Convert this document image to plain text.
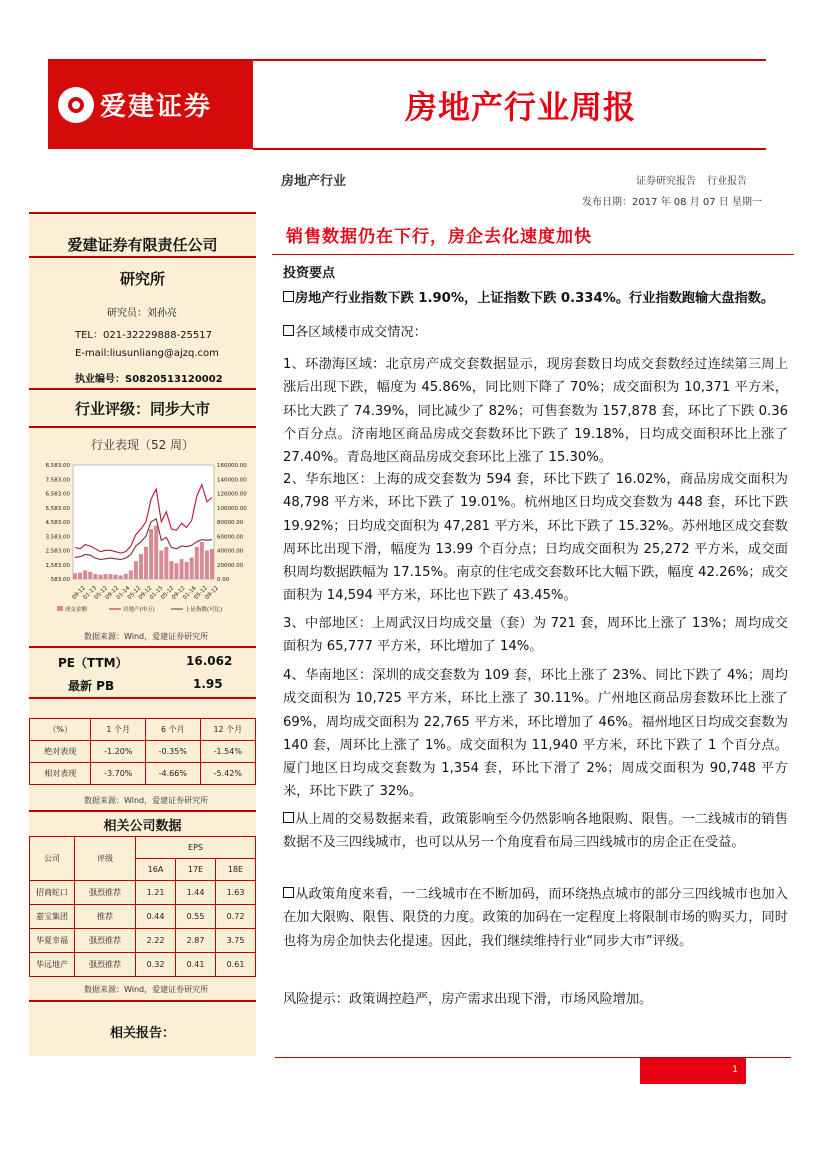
爱建证券	房地产行业周报
房地产行业	证券研究报告 行业报告
发布日期：2017 年 08 月 07 日 星期一
爱建证券有限责任公司
研究所
研究员：刘孙亮
TEL：021-32229888-25517
E-mail:liusunliang@ajzq.com
执业编号：S0820513120002
行业评级：同步大市
行业表现（52 周）
8,583.00
7,583.00
6,583.00
5,583.00
4,583.00
3,583.00
2,583.00
1,583.00
583.00
160000.00
140000.00
120000.00
100000.00
80000.00
60000.00
40000.00
20000.00
0.00
09-12
01-13
05-12
09-12
01-14
05-12
09-12
01-15
05-12
09-12
01-16
05-12
09-12
成交金额	房地产(申万)	上证指数(可比)
数据来源：Wind，爱建证券研究所
PE（TTM）	16.062
最新 PB	1.95
（%）	1 个月	6 个月	12 个月
绝对表现	-1.20%	-0.35%	-1.54%
相对表现	-3.70%	-4.66%	-5.42%
数据来源：Wind，爱建证券研究所
相关公司数据
公司	评级	EPS		
		16A	17E	18E
招商蛇口	强烈推荐	1.21	1.44	1.63
嘉宝集团	推荐	0.44	0.55	0.72
华夏幸福	强烈推荐	2.22	2.87	3.75
华远地产	强烈推荐	0.32	0.41	0.61
数据来源：Wind，爱建证券研究所
相关报告：
销售数据仍在下行，房企去化速度加快
投资要点
房地产行业指数下跌 1.90%，上证指数下跌 0.334%。行业指数跑输大盘指数。
各区域楼市成交情况：
1、环渤海区域：北京房产成交套数据显示，现房套数日均成交套数经过连续第三周上涨后出现下跌，幅度为 45.86%，同比则下降了 70%；成交面积为 10,371 平方米，环比大跌了 74.39%，同比减少了 82%；可售套数为 157,878 套，环比了下跌 0.36 个百分点。济南地区商品房成交套数环比下跌了 19.18%，日均成交面积环比上涨了 27.40%。青岛地区商品房成交套环比上涨了 15.30%。
2、华东地区：上海的成交套数为 594 套，环比下跌了 16.02%，商品房成交面积为 48,798 平方米，环比下跌了 19.01%。杭州地区日均成交套数为 448 套，环比下跌 19.92%；日均成交面积为 47,281 平方米，环比下跌了 15.32%。苏州地区成交套数周环比出现下滑，幅度为 13.99 个百分点；日均成交面积为 25,272 平方米，成交面积周均数据跌幅为 17.15%。南京的住宅成交套数环比大幅下跌，幅度 42.26%；成交面积为 14,594 平方米，环比也下跌了 43.45%。
3、中部地区：上周武汉日均成交量（套）为 721 套，周环比上涨了 13%；周均成交面积为 65,777 平方米，环比增加了 14%。
4、华南地区：深圳的成交套数为 109 套，环比上涨了 23%、同比下跌了 4%；周均成交面积为 10,725 平方米，环比上涨了 30.11%。广州地区商品房套数环比上涨了 69%，周均成交面积为 22,765 平方米，环比增加了 46%。福州地区日均成交套数为 140 套，周环比上涨了 1%。成交面积为 11,940 平方米，环比下跌了 1 个百分点。厦门地区日均成交套数为 1,354 套，环比下滑了 2%；周成交面积为 90,748 平方米，环比下跌了 32%。
从上周的交易数据来看，政策影响至今仍然影响各地限购、限售。一二线城市的销售数据不及三四线城市，也可以从另一个角度看布局三四线城市的房企正在受益。
从政策角度来看，一二线城市在不断加码，而环绕热点城市的部分三四线城市也加入在加大限购、限售、限贷的力度。政策的加码在一定程度上将限制市场的购买力，同时也将为房企加快去化提速。因此，我们继续维持行业“同步大市”评级。
风险提示：政策调控趋严，房产需求出现下滑，市场风险增加。
1
